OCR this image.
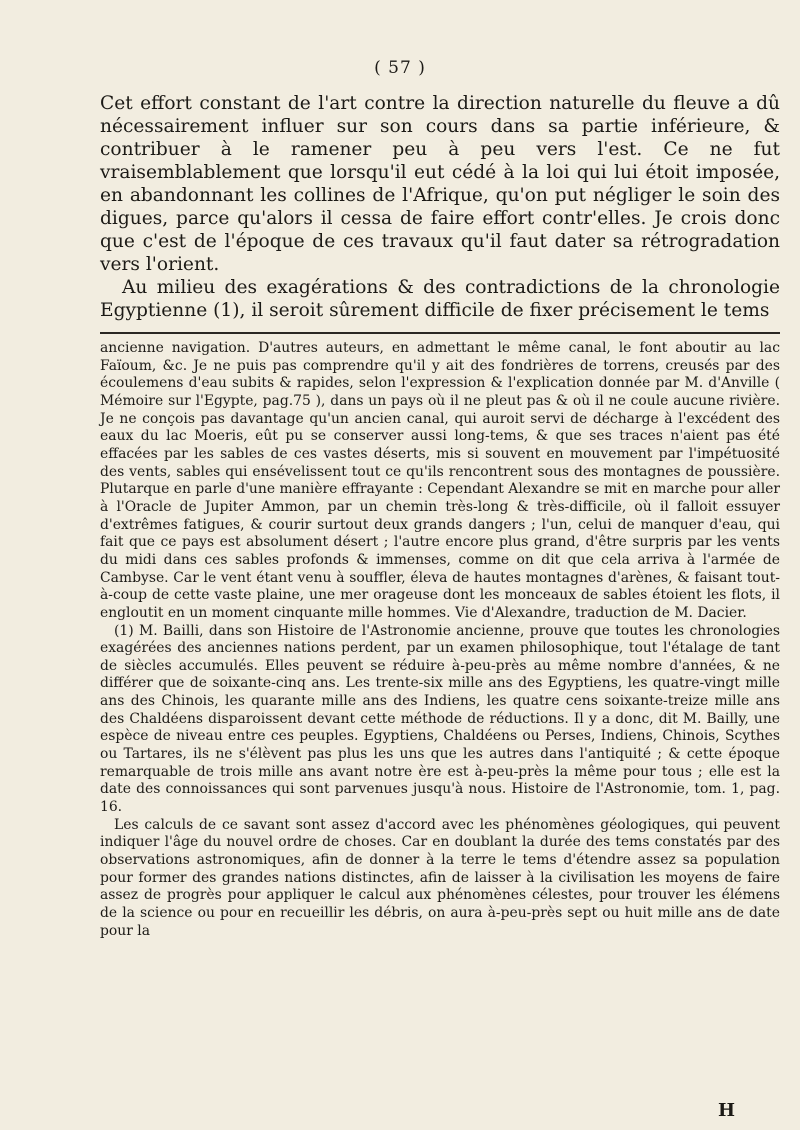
( 57 )

Cet effort constant de l'art contre la direction naturelle du fleuve a dû nécessairement influer sur son cours dans sa partie inférieure, & contribuer à le ramener peu à peu vers l'est. Ce ne fut vraisemblablement que lorsqu'il eut cédé à la loi qui lui étoit imposée, en abandonnant les collines de l'Afrique, qu'on put négliger le soin des digues, parce qu'alors il cessa de faire effort contr'elles. Je crois donc que c'est de l'époque de ces travaux qu'il faut dater sa rétrogradation vers l'orient.

Au milieu des exagérations & des contradictions de la chronologie Egyptienne (1), il seroit sûrement difficile de fixer précisement le tems

ancienne navigation. D'autres auteurs, en admettant le même canal, le font aboutir au lac Faïoum, &c. Je ne puis pas comprendre qu'il y ait des fondrières de torrens, creusés par des écoulemens d'eau subits & rapides, selon l'expression & l'explication donnée par M. d'Anville ( Mémoire sur l'Egypte, pag.75 ), dans un pays où il ne pleut pas & où il ne coule aucune rivière. Je ne conçois pas davantage qu'un ancien canal, qui auroit servi de décharge à l'excédent des eaux du lac Moeris, eût pu se conserver aussi long-tems, & que ses traces n'aient pas été effacées par les sables de ces vastes déserts, mis si souvent en mouvement par l'impétuosité des vents, sables qui ensévelissent tout ce qu'ils rencontrent sous des montagnes de poussière. Plutarque en parle d'une manière effrayante : Cependant Alexandre se mit en marche pour aller à l'Oracle de Jupiter Ammon, par un chemin très-long & très-difficile, où il falloit essuyer d'extrêmes fatigues, & courir surtout deux grands dangers ; l'un, celui de manquer d'eau, qui fait que ce pays est absolument désert ; l'autre encore plus grand, d'être surpris par les vents du midi dans ces sables profonds & immenses, comme on dit que cela arriva à l'armée de Cambyse. Car le vent étant venu à souffler, éleva de hautes montagnes d'arènes, & faisant tout-à-coup de cette vaste plaine, une mer orageuse dont les monceaux de sables étoient les flots, il engloutit en un moment cinquante mille hommes. Vie d'Alexandre, traduction de M. Dacier.

(1) M. Bailli, dans son Histoire de l'Astronomie ancienne, prouve que toutes les chronologies exagérées des anciennes nations perdent, par un examen philosophique, tout l'étalage de tant de siècles accumulés. Elles peuvent se réduire à-peu-près au même nombre d'années, & ne différer que de soixante-cinq ans. Les trente-six mille ans des Egyptiens, les quatre-vingt mille ans des Chinois, les quarante mille ans des Indiens, les quatre cens soixante-treize mille ans des Chaldéens disparoissent devant cette méthode de réductions. Il y a donc, dit M. Bailly, une espèce de niveau entre ces peuples. Egyptiens, Chaldéens ou Perses, Indiens, Chinois, Scythes ou Tartares, ils ne s'élèvent pas plus les uns que les autres dans l'antiquité ; & cette époque remarquable de trois mille ans avant notre ère est à-peu-près la même pour tous ; elle est la date des connoissances qui sont parvenues jusqu'à nous. Histoire de l'Astronomie, tom. 1, pag. 16.

Les calculs de ce savant sont assez d'accord avec les phénomènes géologiques, qui peuvent indiquer l'âge du nouvel ordre de choses. Car en doublant la durée des tems constatés par des observations astronomiques, afin de donner à la terre le tems d'étendre assez sa population pour former des grandes nations distinctes, afin de laisser à la civilisation les moyens de faire assez de progrès pour appliquer le calcul aux phénomènes célestes, pour trouver les élémens de la science ou pour en recueillir les débris, on aura à-peu-près sept ou huit mille ans de date pour la

H
